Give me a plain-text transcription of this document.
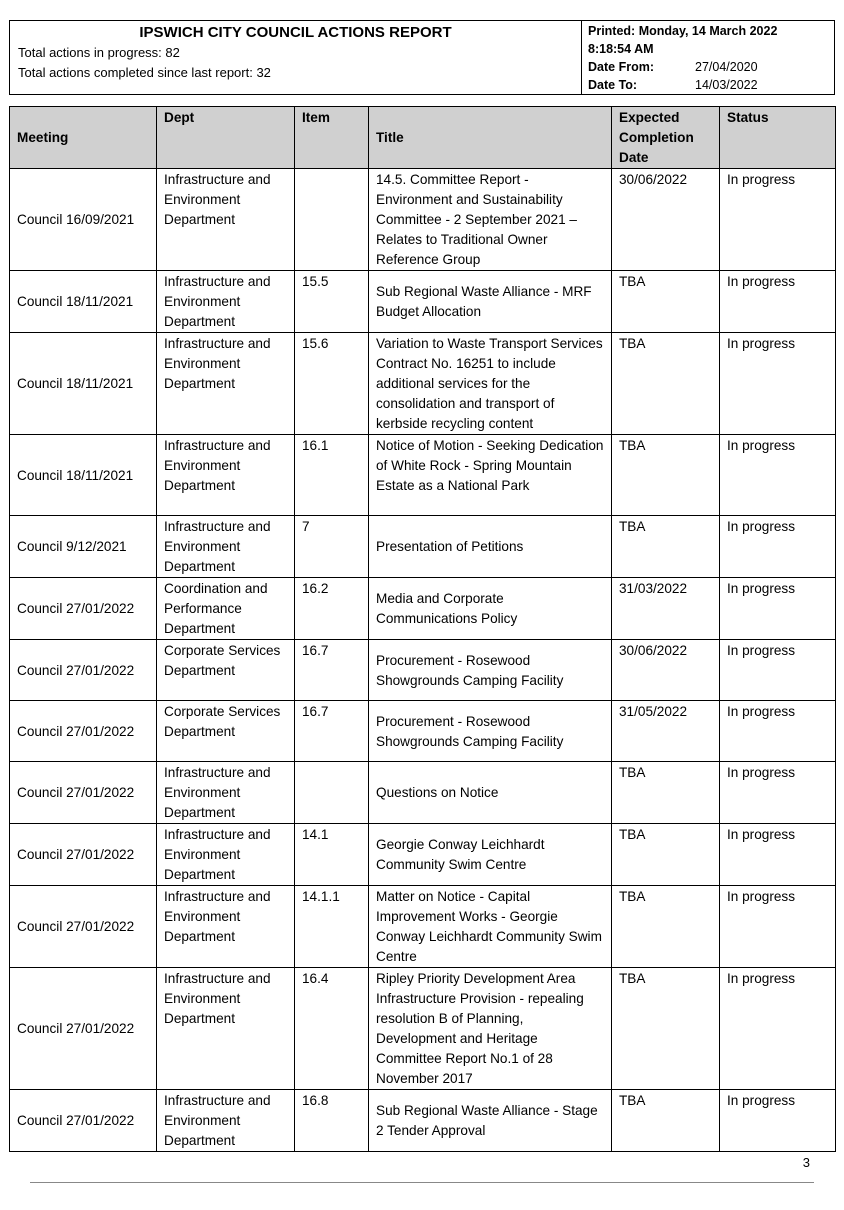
IPSWICH CITY COUNCIL ACTIONS REPORT
Total actions in progress: 82
Total actions completed since last report: 32
Printed: Monday, 14 March 2022
8:18:54 AM
Date From:	27/04/2020
Date To:	14/03/2022
Meeting	Dept	Item	Title	Expected Completion Date	Status
Council 16/09/2021	Infrastructure and Environment Department		14.5. Committee Report - Environment and Sustainability Committee - 2 September 2021 – Relates to Traditional Owner Reference Group	30/06/2022	In progress
Council 18/11/2021	Infrastructure and Environment Department	15.5	Sub Regional Waste Alliance - MRF Budget Allocation	TBA	In progress
Council 18/11/2021	Infrastructure and Environment Department	15.6	Variation to Waste Transport Services Contract No. 16251 to include additional services for the consolidation and transport of kerbside recycling content	TBA	In progress
Council 18/11/2021	Infrastructure and Environment Department	16.1	Notice of Motion - Seeking Dedication of White Rock - Spring Mountain Estate as a National Park	TBA	In progress
Council 9/12/2021	Infrastructure and Environment Department	7	Presentation of Petitions	TBA	In progress
Council 27/01/2022	Coordination and Performance Department	16.2	Media and Corporate Communications Policy	31/03/2022	In progress
Council 27/01/2022	Corporate Services Department	16.7	Procurement - Rosewood Showgrounds Camping Facility	30/06/2022	In progress
Council 27/01/2022	Corporate Services Department	16.7	Procurement - Rosewood Showgrounds Camping Facility	31/05/2022	In progress
Council 27/01/2022	Infrastructure and Environment Department		Questions on Notice	TBA	In progress
Council 27/01/2022	Infrastructure and Environment Department	14.1	Georgie Conway Leichhardt Community Swim Centre	TBA	In progress
Council 27/01/2022	Infrastructure and Environment Department	14.1.1	Matter on Notice - Capital Improvement Works - Georgie Conway Leichhardt Community Swim Centre	TBA	In progress
Council 27/01/2022	Infrastructure and Environment Department	16.4	Ripley Priority Development Area Infrastructure Provision - repealing resolution B of Planning, Development and Heritage Committee Report No.1 of 28 November 2017	TBA	In progress
Council 27/01/2022	Infrastructure and Environment Department	16.8	Sub Regional Waste Alliance - Stage 2 Tender Approval	TBA	In progress
3
